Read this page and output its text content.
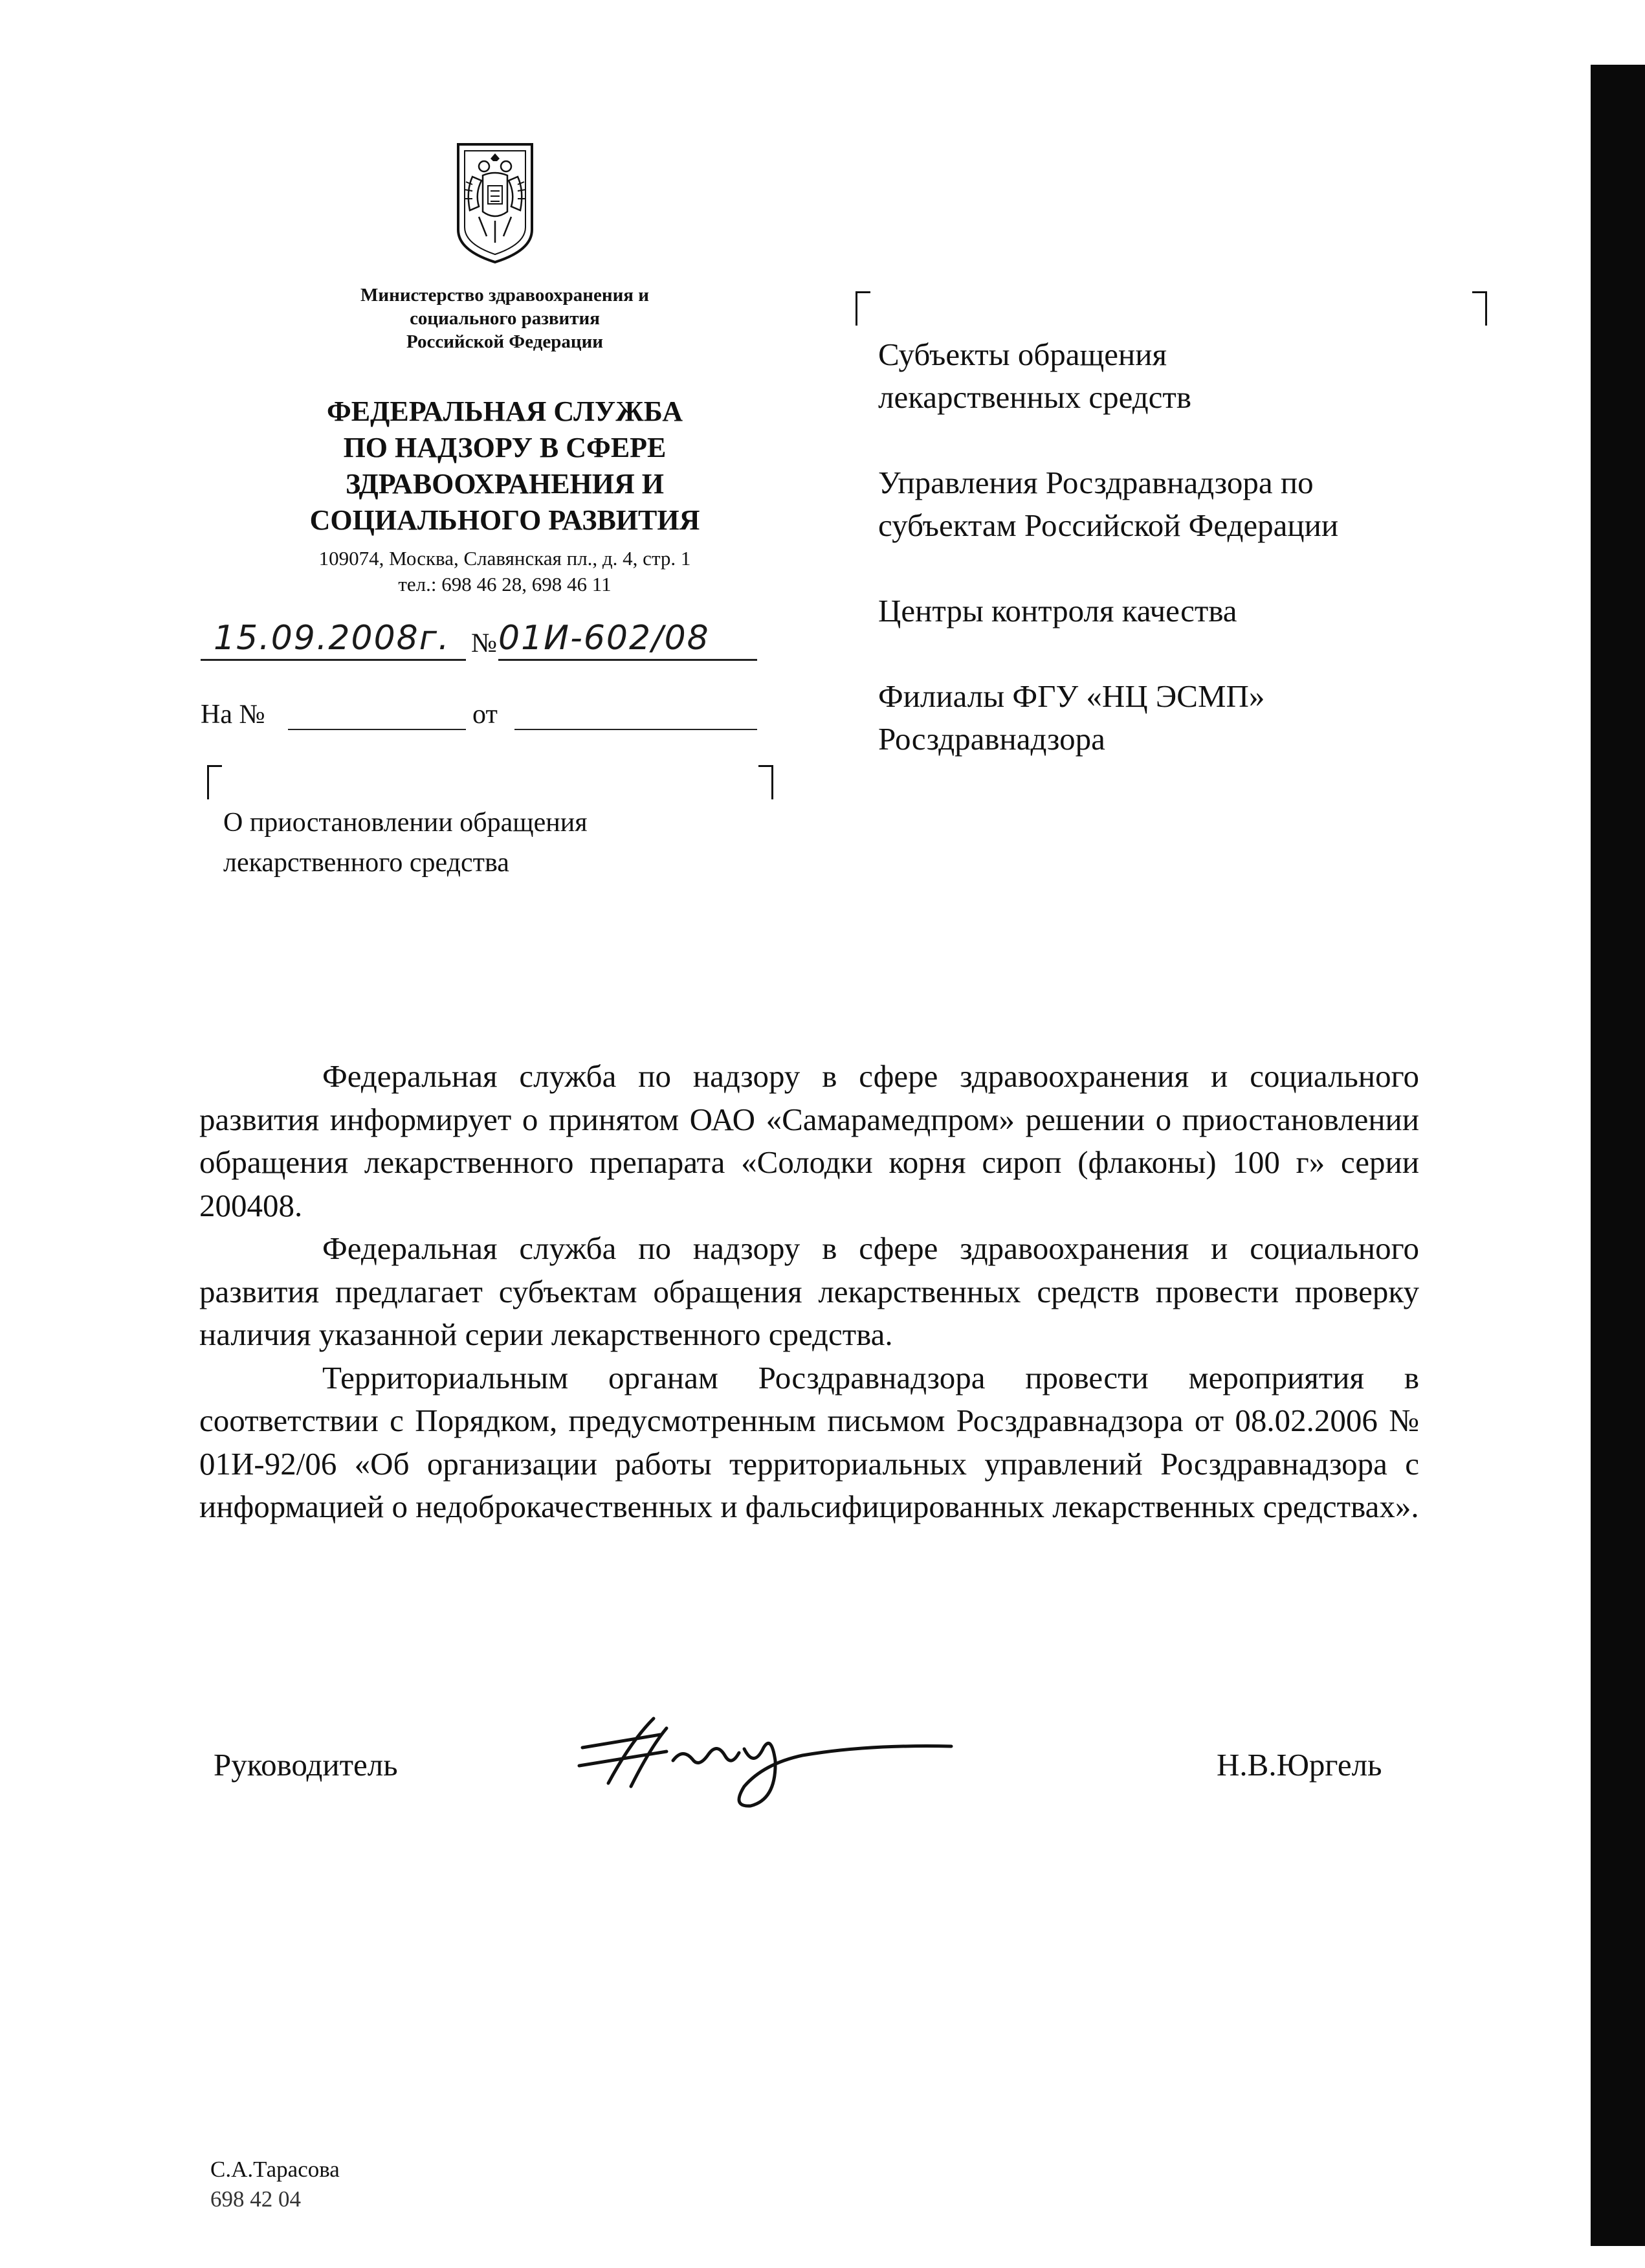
Министерство здравоохранения и
социального развития
Российской Федерации
ФЕДЕРАЛЬНАЯ СЛУЖБА
ПО НАДЗОРУ В СФЕРЕ
ЗДРАВООХРАНЕНИЯ И
СОЦИАЛЬНОГО РАЗВИТИЯ
109074, Москва, Славянская пл., д. 4, стр. 1
тел.: 698 46 28, 698 46 11
15.09.2008г. № 01И-602/08
На №	от
О приостановлении обращения
лекарственного средства
Субъекты обращения
лекарственных средств
Управления Росздравнадзора по
субъектам Российской Федерации
Центры контроля качества
Филиалы ФГУ «НЦ ЭСМП»
Росздравнадзора
Федеральная служба по надзору в сфере здравоохранения и социального развития информирует о принятом ОАО «Самарамедпром» решении о приостановлении обращения лекарственного препарата «Солодки корня сироп (флаконы) 100 г» серии 200408.
Федеральная служба по надзору в сфере здравоохранения и социального развития предлагает субъектам обращения лекарственных средств провести проверку наличия указанной серии лекарственного средства.
Территориальным органам Росздравнадзора провести мероприятия в соответствии с Порядком, предусмотренным письмом Росздравнадзора от 08.02.2006 № 01И-92/06 «Об организации работы территориальных управлений Росздравнадзора с информацией о недоброкачественных и фальсифицированных лекарственных средствах».
Руководитель	Н.В.Юргель
С.А.Тарасова
698 42 04
